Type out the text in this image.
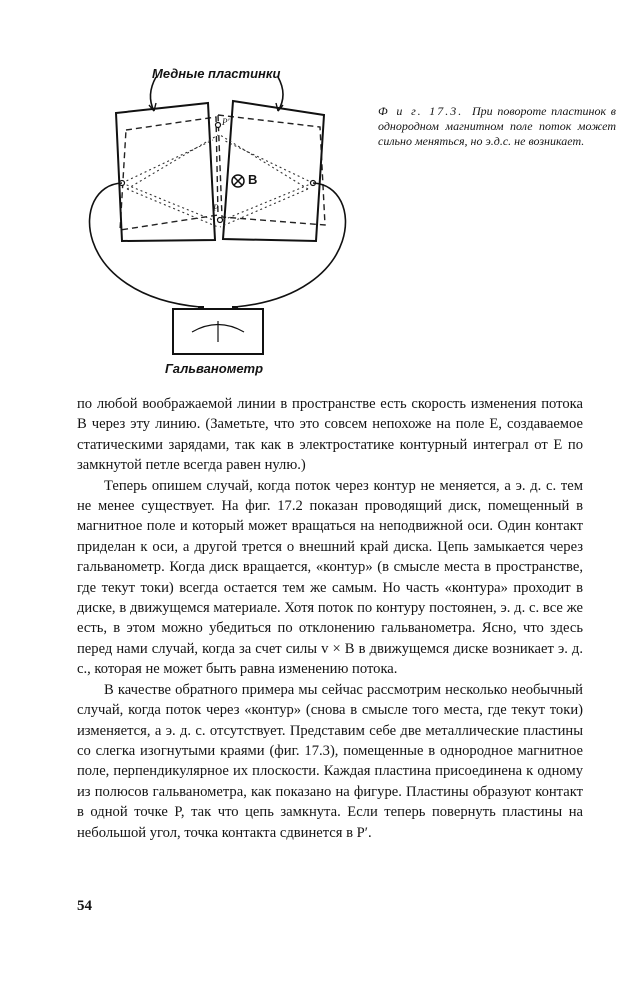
Медные пластинки
B
P
P′
Гальванометр
Ф и г. 17.3. При повороте пластинок в однородном магнитном поле поток может сильно меняться, но э.д.с. не возникает.

по любой воображаемой линии в пространстве есть скорость изменения потока B через эту линию. (Заметьте, что это совсем непохоже на поле E, создаваемое статическими зарядами, так как в электростатике контурный интеграл от E по замкнутой петле всегда равен нулю.)

Теперь опишем случай, когда поток через контур не меняется, а э. д. с. тем не менее существует. На фиг. 17.2 показан проводящий диск, помещенный в магнитное поле и который может вращаться на неподвижной оси. Один контакт приделан к оси, а другой трется о внешний край диска. Цепь замыкается через гальванометр. Когда диск вращается, «контур» (в смысле места в пространстве, где текут токи) всегда остается тем же самым. Но часть «контура» проходит в диске, в движущемся материале. Хотя поток по контуру постоянен, э. д. с. все же есть, в этом можно убедиться по отклонению гальванометра. Ясно, что здесь перед нами случай, когда за счет силы v × B в движущемся диске возникает э. д. с., которая не может быть равна изменению потока.

В качестве обратного примера мы сейчас рассмотрим несколько необычный случай, когда поток через «контур» (снова в смысле того места, где текут токи) изменяется, а э. д. с. отсутствует. Представим себе две металлические пластины со слегка изогнутыми краями (фиг. 17.3), помещенные в однородное магнитное поле, перпендикулярное их плоскости. Каждая пластина присоединена к одному из полюсов гальванометра, как показано на фигуре. Пластины образуют контакт в одной точке P, так что цепь замкнута. Если теперь повернуть пластины на небольшой угол, точка контакта сдвинется в P′.

54
